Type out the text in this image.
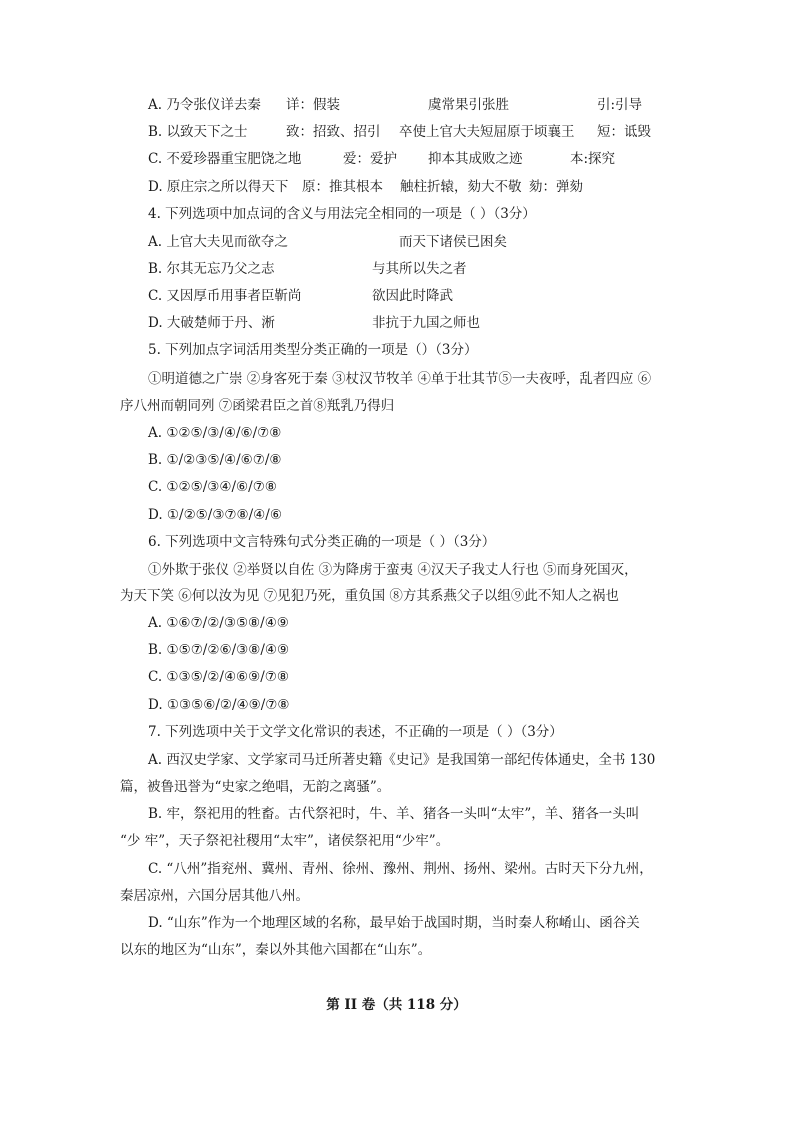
A. 乃令张仪详去秦 详：假装	虞常果引张胜	引:引导
B. 以致天下之士	致：招致、招引 卒使上官大夫短屈原于顷襄王 短：诋毁
C. 不爱珍器重宝肥饶之地	爱：爱护 抑本其成败之迹	本:探究
D. 原庄宗之所以得天下 原：推其根本 触柱折辕，劾大不敬 劾：弹劾
4. 下列选项中加点词的含义与用法完全相同的一项是（ ）（3分）
A. 上官大夫见而欲夺之	而天下诸侯已困矣
B. 尔其无忘乃父之志	与其所以失之者
C. 又因厚币用事者臣靳尚	欲因此时降武
D. 大破楚师于丹、淅	非抗于九国之师也
5. 下列加点字词活用类型分类正确的一项是（）（3分）
①明道德之广崇 ②身客死于秦 ③杖汉节牧羊 ④单于壮其节⑤一夫夜呼，乱者四应 ⑥
序八州而朝同列 ⑦函梁君臣之首⑧羝乳乃得归
A. ①②⑤/③/④/⑥/⑦⑧
B. ①/②③⑤/④/⑥⑦/⑧
C. ①②⑤/③④/⑥/⑦⑧
D. ①/②⑤/③⑦⑧/④/⑥
6. 下列选项中文言特殊句式分类正确的一项是（ ）（3分）
①外欺于张仪 ②举贤以自佐 ③为降虏于蛮夷 ④汉天子我丈人行也 ⑤而身死国灭，
为天下笑 ⑥何以汝为见 ⑦见犯乃死，重负国 ⑧方其系燕父子以组⑨此不知人之祸也
A. ①⑥⑦/②/③⑤⑧/④⑨
B. ①⑤⑦/②⑥/③⑧/④⑨
C. ①③⑤/②/④⑥⑨/⑦⑧
D. ①③⑤⑥/②/④⑨/⑦⑧
7. 下列选项中关于文学文化常识的表述，不正确的一项是（ ）（3分）
A. 西汉史学家、文学家司马迁所著史籍《史记》是我国第一部纪传体通史，全书 130
篇，被鲁迅誉为“史家之绝唱，无韵之离骚”。
B. 牢，祭祀用的牲畜。古代祭祀时，牛、羊、猪各一头叫“太牢”，羊、猪各一头叫
“少 牢”，天子祭祀社稷用“太牢”，诸侯祭祀用“少牢”。
C. “八州”指兖州、冀州、青州、徐州、豫州、荆州、扬州、梁州。古时天下分九州，
秦居凉州，六国分居其他八州。
D. “山东”作为一个地理区域的名称，最早始于战国时期，当时秦人称崤山、函谷关
以东的地区为“山东”，秦以外其他六国都在“山东”。
第 II 卷（共 118 分）
